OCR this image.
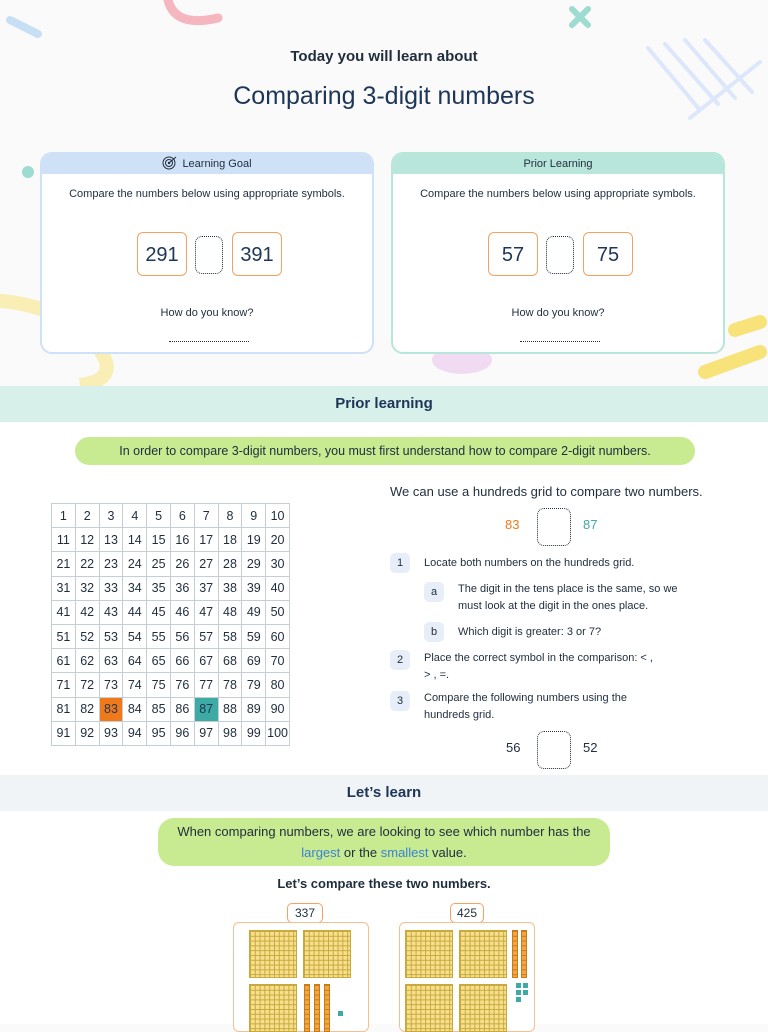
Today you will learn about
Comparing 3-digit numbers
Learning Goal
Compare the numbers below using appropriate symbols.
291	391
How do you know?
Prior Learning
Compare the numbers below using appropriate symbols.
57	75
How do you know?
Prior learning
In order to compare 3-digit numbers, you must first understand how to compare 2-digit numbers.
1	2	3	4	5	6	7	8	9	10
11	12	13	14	15	16	17	18	19	20
21	22	23	24	25	26	27	28	29	30
31	32	33	34	35	36	37	38	39	40
41	42	43	44	45	46	47	48	49	50
51	52	53	54	55	56	57	58	59	60
61	62	63	64	65	66	67	68	69	70
71	72	73	74	75	76	77	78	79	80
81	82	83	84	85	86	87	88	89	90
91	92	93	94	95	96	97	98	99	100
We can use a hundreds grid to compare two numbers.
83	87
1	Locate both numbers on the hundreds grid.
a	The digit in the tens place is the same, so we must look at the digit in the ones place.
b	Which digit is greater: 3 or 7?
2	Place the correct symbol in the comparison: < , > , =.
3	Compare the following numbers using the hundreds grid.
56	52
Let’s learn
When comparing numbers, we are looking to see which number has the largest or the smallest value.
Let’s compare these two numbers.
337	425
